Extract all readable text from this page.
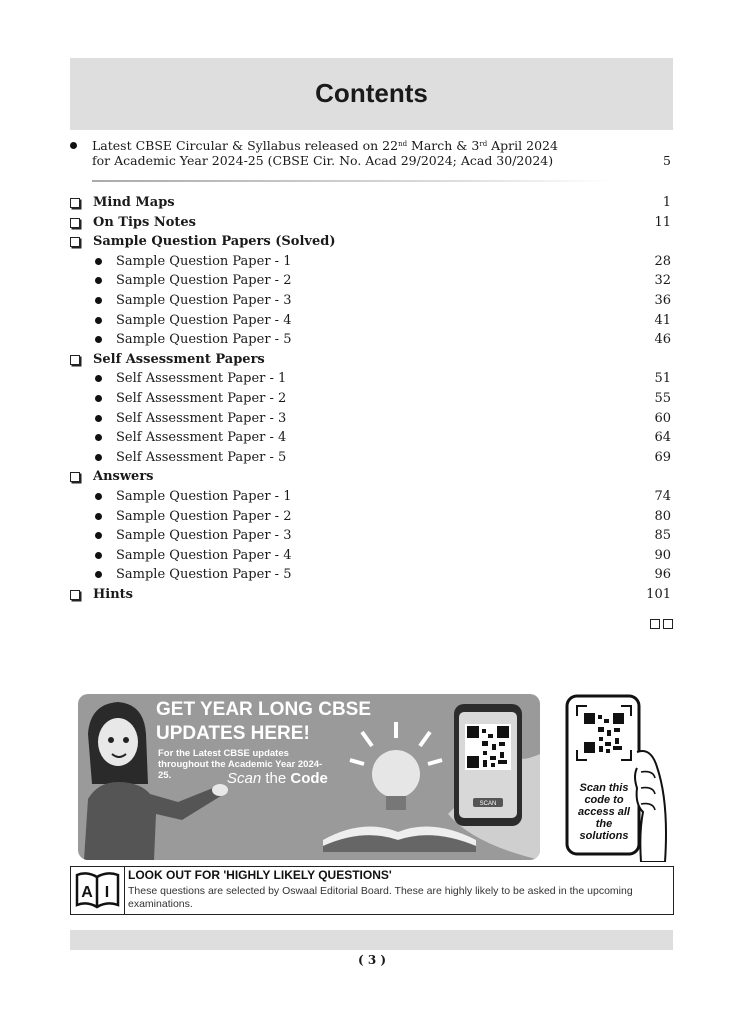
Contents
Latest CBSE Circular & Syllabus released on 22nd March & 3rd April 2024
for Academic Year 2024-25 (CBSE Cir. No. Acad 29/2024; Acad 30/2024)	5
Mind Maps	1
On Tips Notes	11
Sample Question Papers (Solved)
Sample Question Paper - 1	28
Sample Question Paper - 2	32
Sample Question Paper - 3	36
Sample Question Paper - 4	41
Sample Question Paper - 5	46
Self Assessment Papers
Self Assessment Paper - 1	51
Self Assessment Paper - 2	55
Self Assessment Paper - 3	60
Self Assessment Paper - 4	64
Self Assessment Paper - 5	69
Answers
Sample Question Paper - 1	74
Sample Question Paper - 2	80
Sample Question Paper - 3	85
Sample Question Paper - 4	90
Sample Question Paper - 5	96
Hints	101
SCAN
GET YEAR LONG CBSE
UPDATES HERE!
For the Latest CBSE updates throughout the Academic Year 2024-25.	Scan the Code
Scan this code to access all the solutions
A I
LOOK OUT FOR 'HIGHLY LIKELY QUESTIONS'
These questions are selected by Oswaal Editorial Board. These are highly likely to be asked in the upcoming examinations.
( 3 )
